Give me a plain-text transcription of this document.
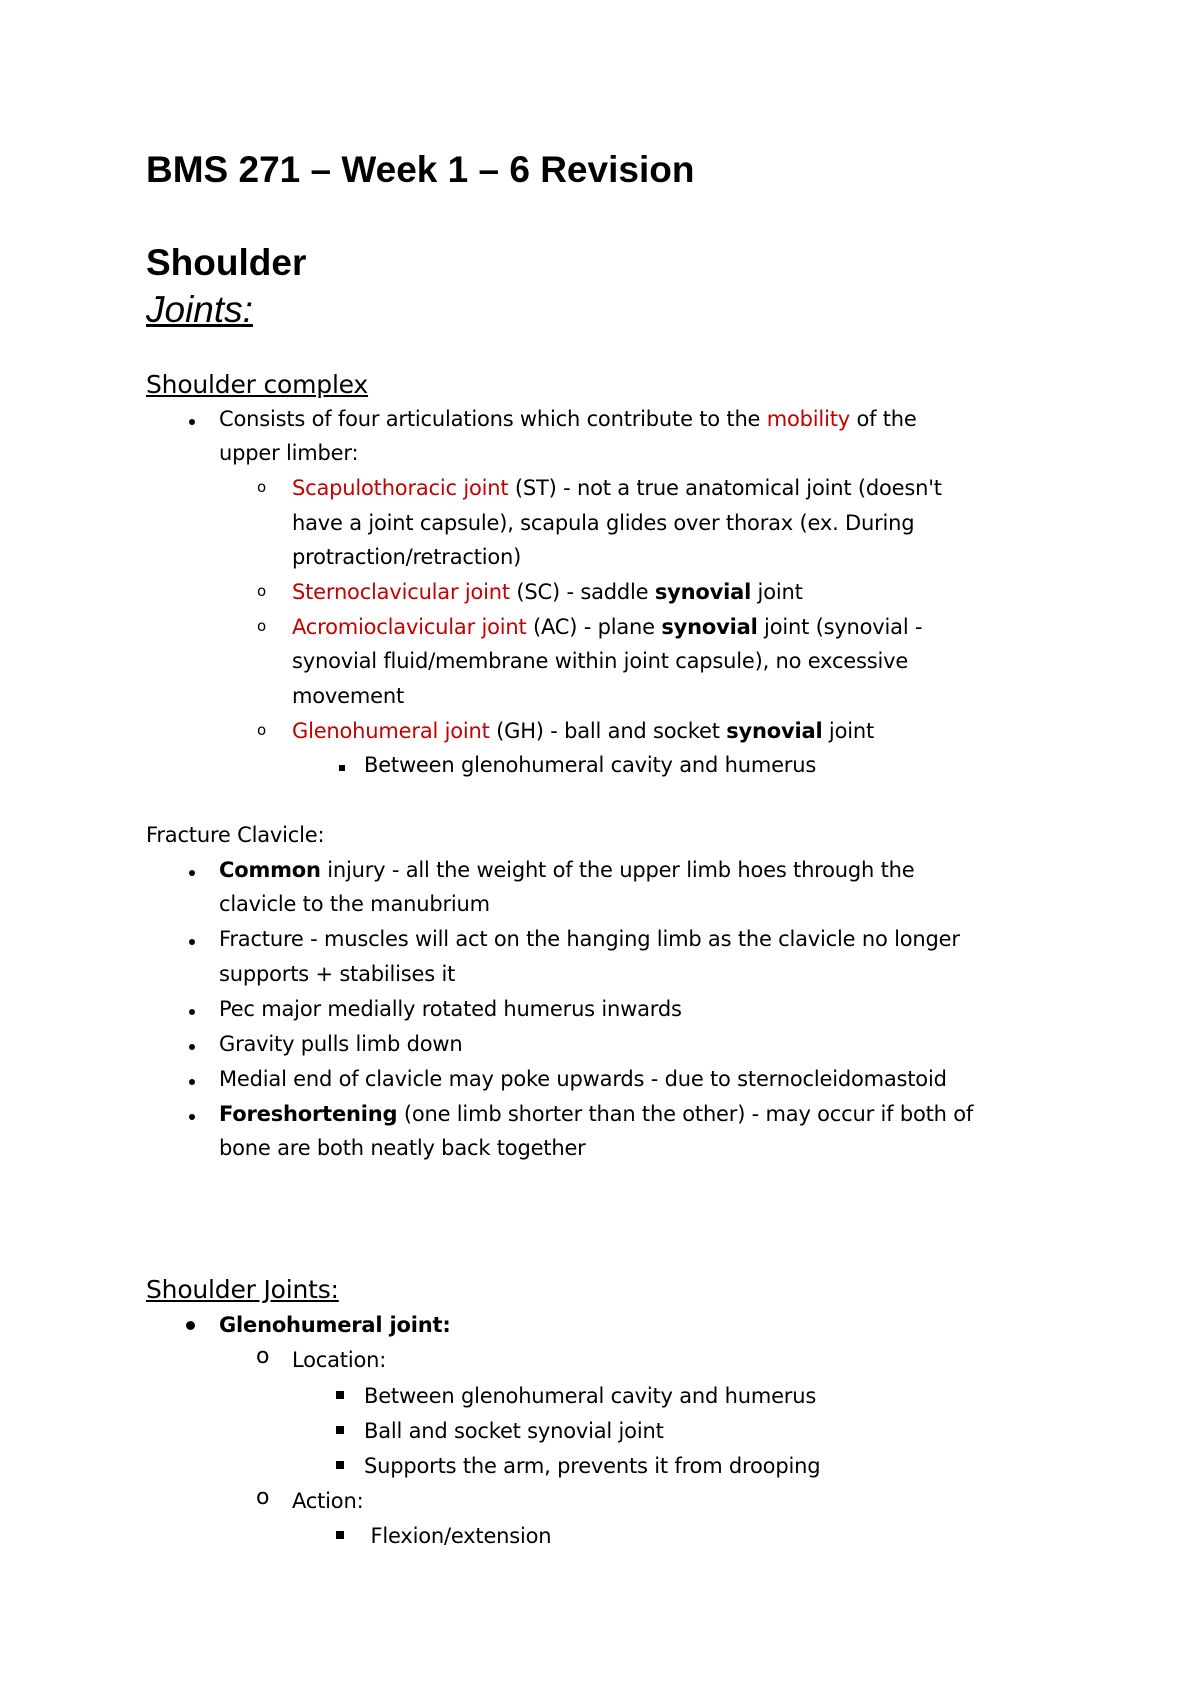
BMS 271 – Week 1 – 6 Revision
Shoulder
Joints:
Shoulder complex
Consists of four articulations which contribute to the mobility of the
upper limber:
o Scapulothoracic joint (ST) - not a true anatomical joint (doesn't
have a joint capsule), scapula glides over thorax (ex. During
protraction/retraction)
o Sternoclavicular joint (SC) - saddle synovial joint
o Acromioclavicular joint (AC) - plane synovial joint (synovial -
synovial fluid/membrane within joint capsule), no excessive
movement
o Glenohumeral joint (GH) - ball and socket synovial joint
Between glenohumeral cavity and humerus
Fracture Clavicle:
Common injury - all the weight of the upper limb hoes through the
clavicle to the manubrium
Fracture - muscles will act on the hanging limb as the clavicle no longer
supports + stabilises it
Pec major medially rotated humerus inwards
Gravity pulls limb down
Medial end of clavicle may poke upwards - due to sternocleidomastoid
Foreshortening (one limb shorter than the other) - may occur if both of
bone are both neatly back together
Shoulder Joints:
Glenohumeral joint:
o Location:
Between glenohumeral cavity and humerus
Ball and socket synovial joint
Supports the arm, prevents it from drooping
o Action:
Flexion/extension
